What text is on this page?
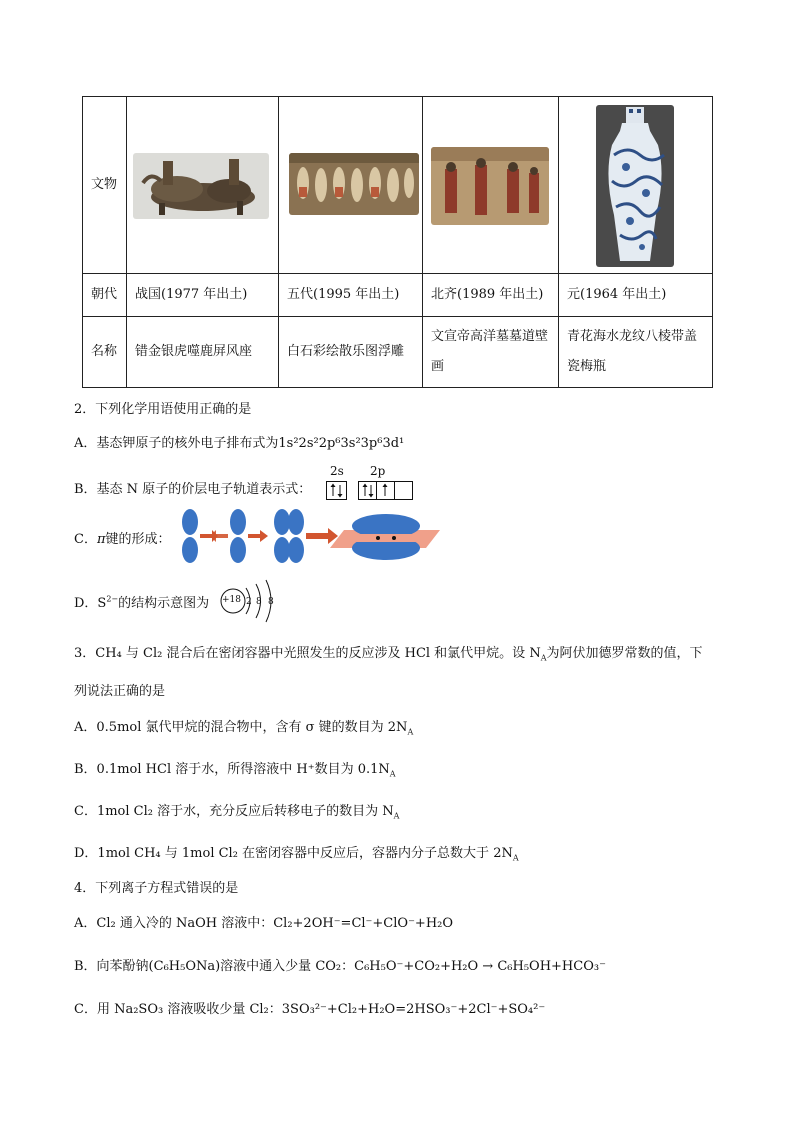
文物	

朝代	战国(1977 年出土)	五代(1995 年出土)	北齐(1989 年出土)	元(1964 年出土)
名称	错金银虎噬鹿屏风座	白石彩绘散乐图浮雕	文宣帝高洋墓墓道壁画	青花海水龙纹八棱带盖瓷梅瓶
2．下列化学用语使用正确的是
A．基态钾原子的核外电子排布式为1s²2s²2p⁶3s²3p⁶3d¹
B．基态 N 原子的价层电子轨道表示式：
2s 2p
C．π键的形成：
D．$S^{2-}$的结构示意图为 +18 2 8 8
3．CH₄ 与 Cl₂ 混合后在密闭容器中光照发生的反应涉及 HCl 和氯代甲烷。设 $N_A$为阿伏加德罗常数的值，下
列说法正确的是
A．0.5mol 氯代甲烷的混合物中，含有 σ 键的数目为 $2N_A$
B．0.1mol HCl 溶于水，所得溶液中 H⁺数目为 $0.1N_A$
C．1mol Cl₂ 溶于水，充分反应后转移电子的数目为 $N_A$
D．1mol CH₄ 与 1mol Cl₂ 在密闭容器中反应后，容器内分子总数大于 $2N_A$
4．下列离子方程式错误的是
A．Cl₂ 通入冷的 NaOH 溶液中：Cl₂+2OH⁻=Cl⁻+ClO⁻+H₂O
B．向苯酚钠(C₆H₅ONa)溶液中通入少量 CO₂：C₆H₅O⁻+CO₂+H₂O → C₆H₅OH+HCO₃⁻
C．用 Na₂SO₃ 溶液吸收少量 Cl₂：3SO₃²⁻+Cl₂+H₂O=2HSO₃⁻+2Cl⁻+SO₄²⁻
